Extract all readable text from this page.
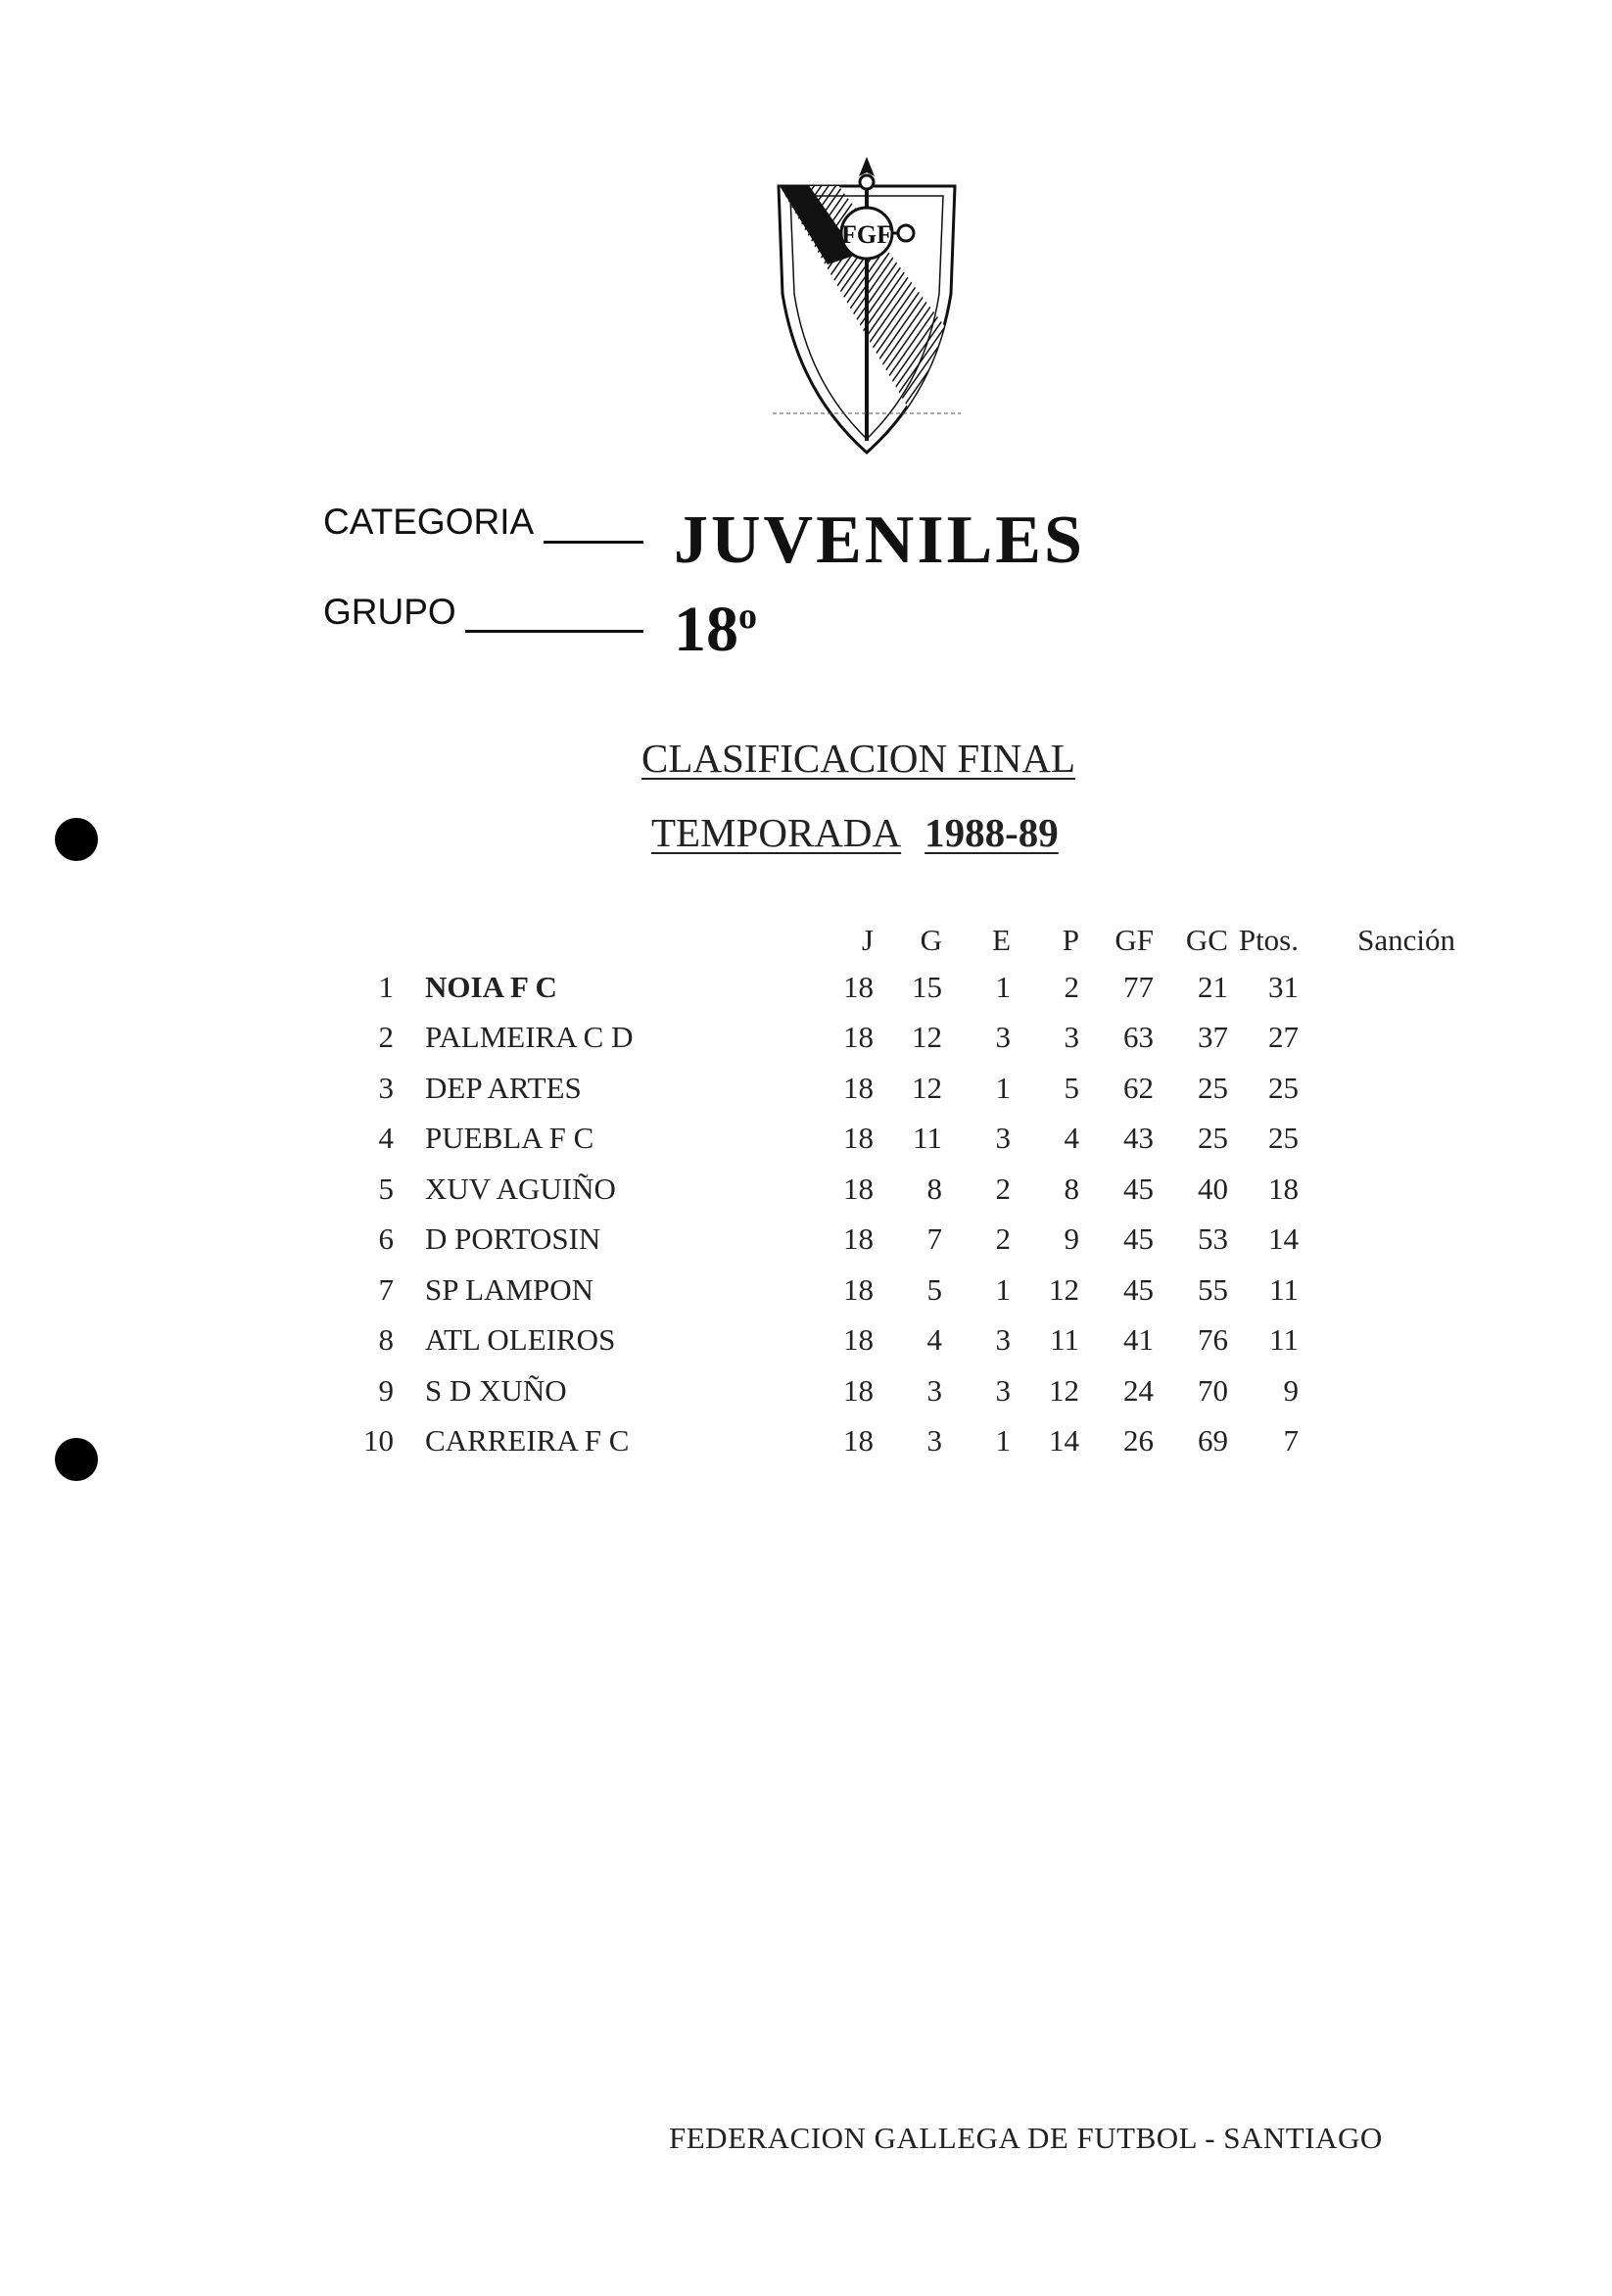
FGF
CATEGORIA JUVENILES
GRUPO	18$^o$
CLASIFICACION FINAL
TEMPORADA 1988-89
		J	G	E	P	GF	GC	Ptos.	Sanción
1	NOIA F C	18	15	1	2	77	21	31	
2	PALMEIRA C D	18	12	3	3	63	37	27	
3	DEP ARTES	18	12	1	5	62	25	25	
4	PUEBLA F C	18	11	3	4	43	25	25	
5	XUV AGUIÑO	18	8	2	8	45	40	18	
6	D PORTOSIN	18	7	2	9	45	53	14	
7	SP LAMPON	18	5	1	12	45	55	11	
8	ATL OLEIROS	18	4	3	11	41	76	11	
9	S D XUÑO	18	3	3	12	24	70	9	
10	CARREIRA F C	18	3	1	14	26	69	7	
FEDERACION GALLEGA DE FUTBOL - SANTIAGO
